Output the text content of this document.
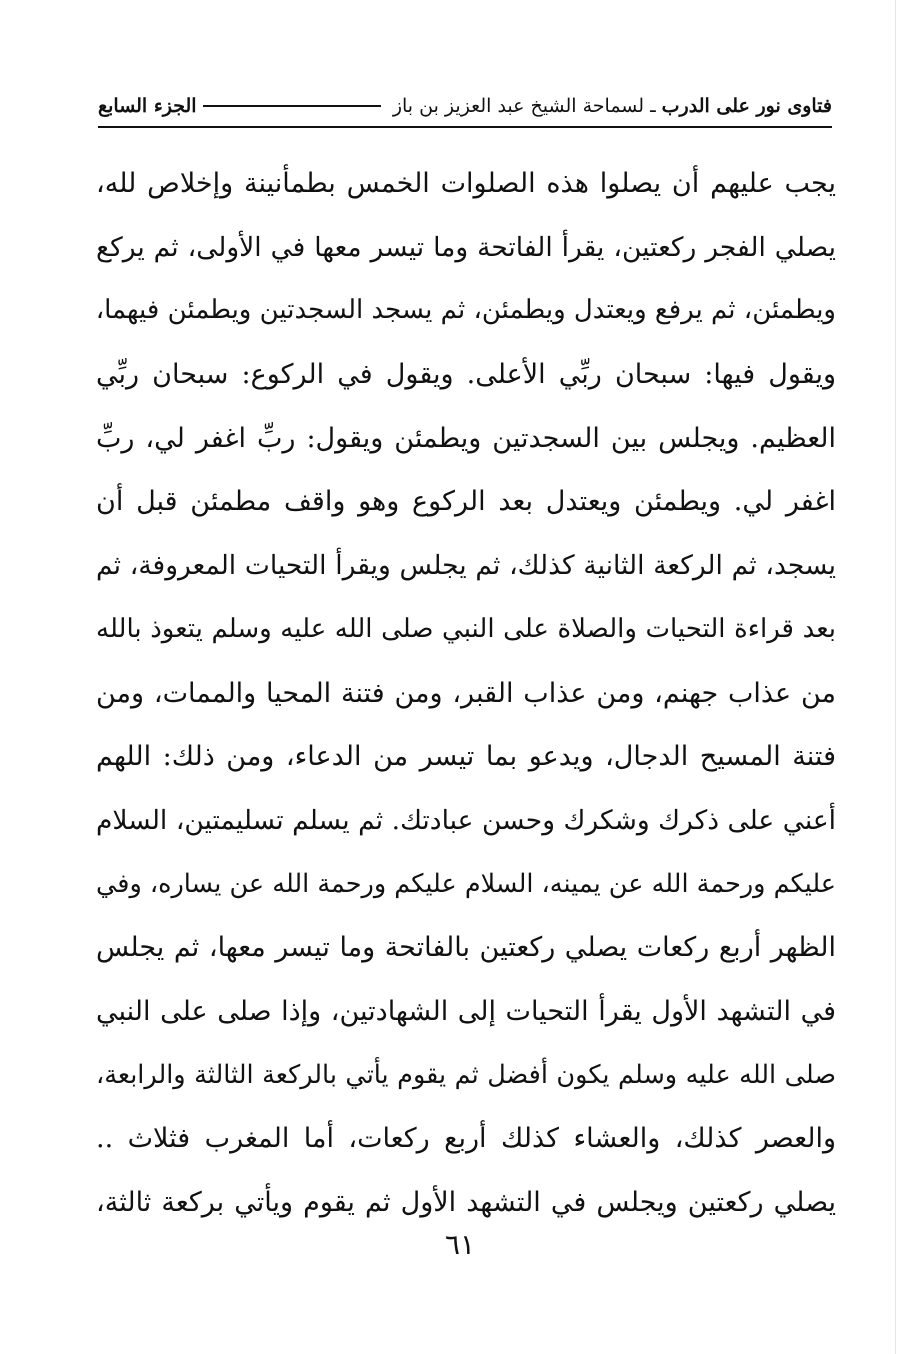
فتاوى نور على الدرب
ـ لسماحة الشيخ عبد العزيز بن باز
الجزء السابع
يجب عليهم أن يصلوا هذه الصلوات الخمس بطمأنينة وإخلاص لله،
يصلي الفجر ركعتين، يقرأ الفاتحة وما تيسر معها في الأولى، ثم يركع
ويطمئن، ثم يرفع ويعتدل ويطمئن، ثم يسجد السجدتين ويطمئن فيهما،
ويقول فيها: سبحان ربِّي الأعلى. ويقول في الركوع: سبحان ربِّي
العظيم. ويجلس بين السجدتين ويطمئن ويقول: ربِّ اغفر لي، ربِّ
اغفر لي. ويطمئن ويعتدل بعد الركوع وهو واقف مطمئن قبل أن
يسجد، ثم الركعة الثانية كذلك، ثم يجلس ويقرأ التحيات المعروفة، ثم
بعد قراءة التحيات والصلاة على النبي صلى الله عليه وسلم يتعوذ بالله
من عذاب جهنم، ومن عذاب القبر، ومن فتنة المحيا والممات، ومن
فتنة المسيح الدجال، ويدعو بما تيسر من الدعاء، ومن ذلك: اللهم
أعني على ذكرك وشكرك وحسن عبادتك. ثم يسلم تسليمتين، السلام
عليكم ورحمة الله عن يمينه، السلام عليكم ورحمة الله عن يساره، وفي
الظهر أربع ركعات يصلي ركعتين بالفاتحة وما تيسر معها، ثم يجلس
في التشهد الأول يقرأ التحيات إلى الشهادتين، وإذا صلى على النبي
صلى الله عليه وسلم يكون أفضل ثم يقوم يأتي بالركعة الثالثة والرابعة،
والعصر كذلك، والعشاء كذلك أربع ركعات، أما المغرب فثلاث ..
يصلي ركعتين ويجلس في التشهد الأول ثم يقوم ويأتي بركعة ثالثة،
٦١
